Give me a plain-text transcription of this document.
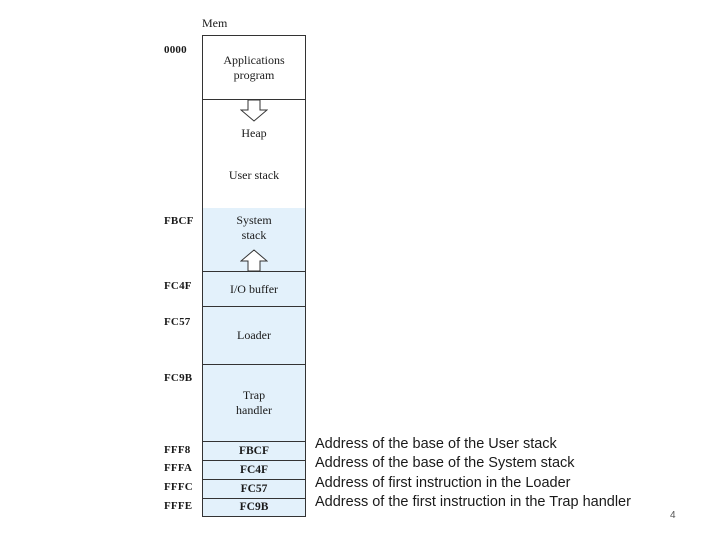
Mem
0000
FBCF
FC4F
FC57
FC9B
FFF8
FFFA
FFFC
FFFE
Applications
program
Heap
User stack
System
stack
I/O buffer
Loader
Trap
handler
FBCF
FC4F
FC57
FC9B
Address of the base of the User stack
Address of the base of the System stack
Address of first instruction in the Loader
Address of the first instruction in the Trap handler
4
